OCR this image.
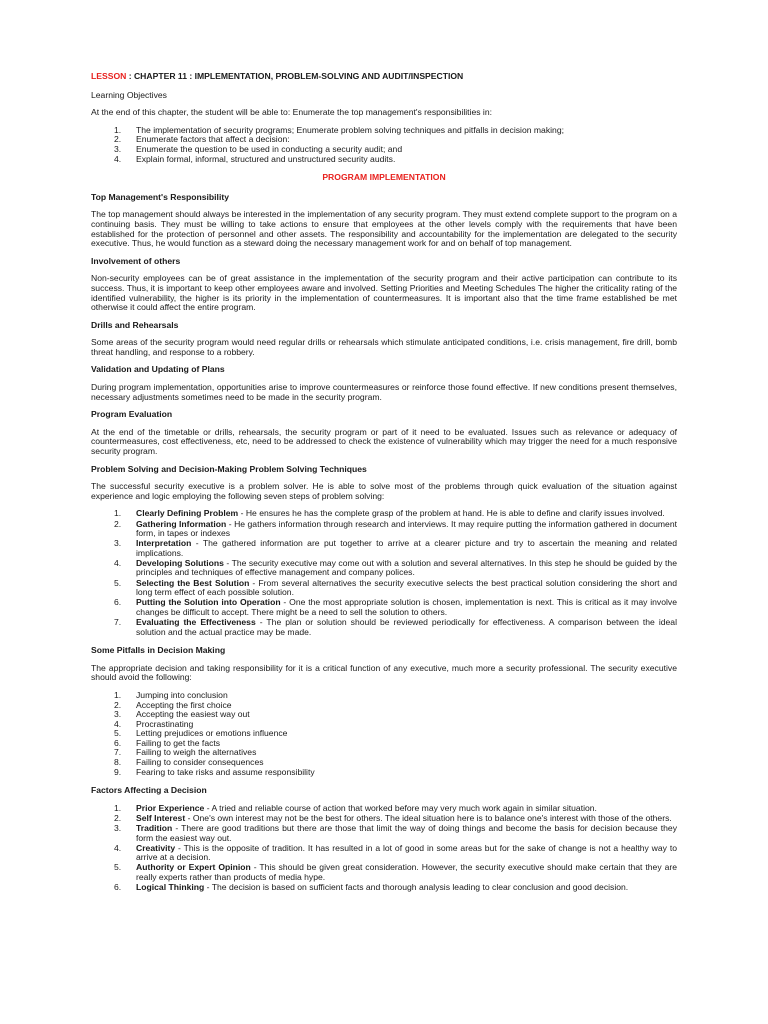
LESSON : CHAPTER 11 : IMPLEMENTATION, PROBLEM-SOLVING AND AUDIT/INSPECTION

Learning Objectives

At the end of this chapter, the student will be able to: Enumerate the top management's responsibilities in:

1. The implementation of security programs; Enumerate problem solving techniques and pitfalls in decision making;
2. Enumerate factors that affect a decision:
3. Enumerate the question to be used in conducting a security audit; and
4. Explain formal, informal, structured and unstructured security audits.

PROGRAM IMPLEMENTATION

Top Management's Responsibility

The top management should always be interested in the implementation of any security program. They must extend complete support to the program on a continuing basis. They must be willing to take actions to ensure that employees at the other levels comply with the requirements that have been established for the protection of personnel and other assets. The responsibility and accountability for the implementation are delegated to the security executive. Thus, he would function as a steward doing the necessary management work for and on behalf of top management.

Involvement of others

Non-security employees can be of great assistance in the implementation of the security program and their active participation can contribute to its success. Thus, it is important to keep other employees aware and involved. Setting Priorities and Meeting Schedules The higher the criticality rating of the identified vulnerability, the higher is its priority in the implementation of countermeasures. It is important also that the time frame established be met otherwise it could affect the entire program.

Drills and Rehearsals

Some areas of the security program would need regular drills or rehearsals which stimulate anticipated conditions, i.e. crisis management, fire drill, bomb threat handling, and response to a robbery.

Validation and Updating of Plans

During program implementation, opportunities arise to improve countermeasures or reinforce those found effective. If new conditions present themselves, necessary adjustments sometimes need to be made in the security program.

Program Evaluation

At the end of the timetable or drills, rehearsals, the security program or part of it need to be evaluated. Issues such as relevance or adequacy of countermeasures, cost effectiveness, etc, need to be addressed to check the existence of vulnerability which may trigger the need for a much responsive security program.

Problem Solving and Decision-Making Problem Solving Techniques

The successful security executive is a problem solver. He is able to solve most of the problems through quick evaluation of the situation against experience and logic employing the following seven steps of problem solving:

1. Clearly Defining Problem - He ensures he has the complete grasp of the problem at hand. He is able to define and clarify issues involved.
2. Gathering Information - He gathers information through research and interviews. It may require putting the information gathered in document form, in tapes or indexes
3. Interpretation - The gathered information are put together to arrive at a clearer picture and try to ascertain the meaning and related implications.
4. Developing Solutions - The security executive may come out with a solution and several alternatives. In this step he should be guided by the principles and techniques of effective management and company polices.
5. Selecting the Best Solution - From several alternatives the security executive selects the best practical solution considering the short and long term effect of each possible solution.
6. Putting the Solution into Operation - One the most appropriate solution is chosen, implementation is next. This is critical as it may involve changes be difficult to accept. There might be a need to sell the solution to others.
7. Evaluating the Effectiveness - The plan or solution should be reviewed periodically for effectiveness. A comparison between the ideal solution and the actual practice may be made.

Some Pitfalls in Decision Making

The appropriate decision and taking responsibility for it is a critical function of any executive, much more a security professional. The security executive should avoid the following:

1. Jumping into conclusion
2. Accepting the first choice
3. Accepting the easiest way out
4. Procrastinating
5. Letting prejudices or emotions influence
6. Failing to get the facts
7. Failing to weigh the alternatives
8. Failing to consider consequences
9. Fearing to take risks and assume responsibility

Factors Affecting a Decision

1. Prior Experience - A tried and reliable course of action that worked before may very much work again in similar situation.
2. Self Interest - One's own interest may not be the best for others. The ideal situation here is to balance one's interest with those of the others.
3. Tradition - There are good traditions but there are those that limit the way of doing things and become the basis for decision because they form the easiest way out.
4. Creativity - This is the opposite of tradition. It has resulted in a lot of good in some areas but for the sake of change is not a healthy way to arrive at a decision.
5. Authority or Expert Opinion - This should be given great consideration. However, the security executive should make certain that they are really experts rather than products of media hype.
6. Logical Thinking - The decision is based on sufficient facts and thorough analysis leading to clear conclusion and good decision.
